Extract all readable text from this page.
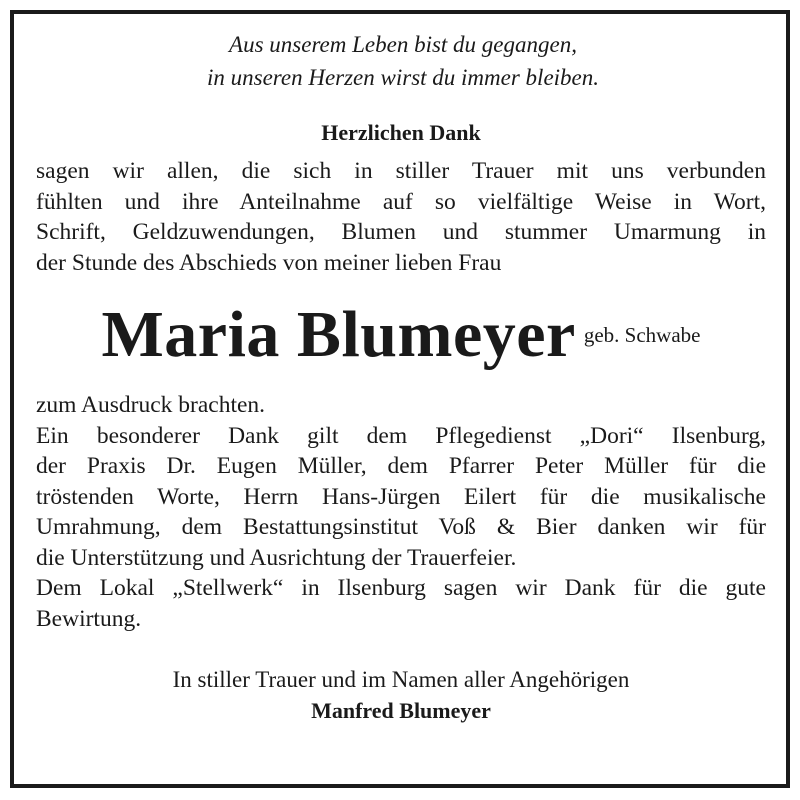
Aus unserem Leben bist du gegangen,
in unseren Herzen wirst du immer bleiben.
Herzlichen Dank
sagen wir allen, die sich in stiller Trauer mit uns verbunden
fühlten und ihre Anteilnahme auf so vielfältige Weise in Wort,
Schrift, Geldzuwendungen, Blumen und stummer Umarmung in
der Stunde des Abschieds von meiner lieben Frau
Maria Blumeyer geb. Schwabe
zum Ausdruck brachten.
Ein besonderer Dank gilt dem Pflegedienst „Dori“ Ilsenburg,
der Praxis Dr. Eugen Müller, dem Pfarrer Peter Müller für die
tröstenden Worte, Herrn Hans-Jürgen Eilert für die musikalische
Umrahmung, dem Bestattungsinstitut Voß & Bier danken wir für
die Unterstützung und Ausrichtung der Trauerfeier.
Dem Lokal „Stellwerk“ in Ilsenburg sagen wir Dank für die gute
Bewirtung.
In stiller Trauer und im Namen aller Angehörigen
Manfred Blumeyer
